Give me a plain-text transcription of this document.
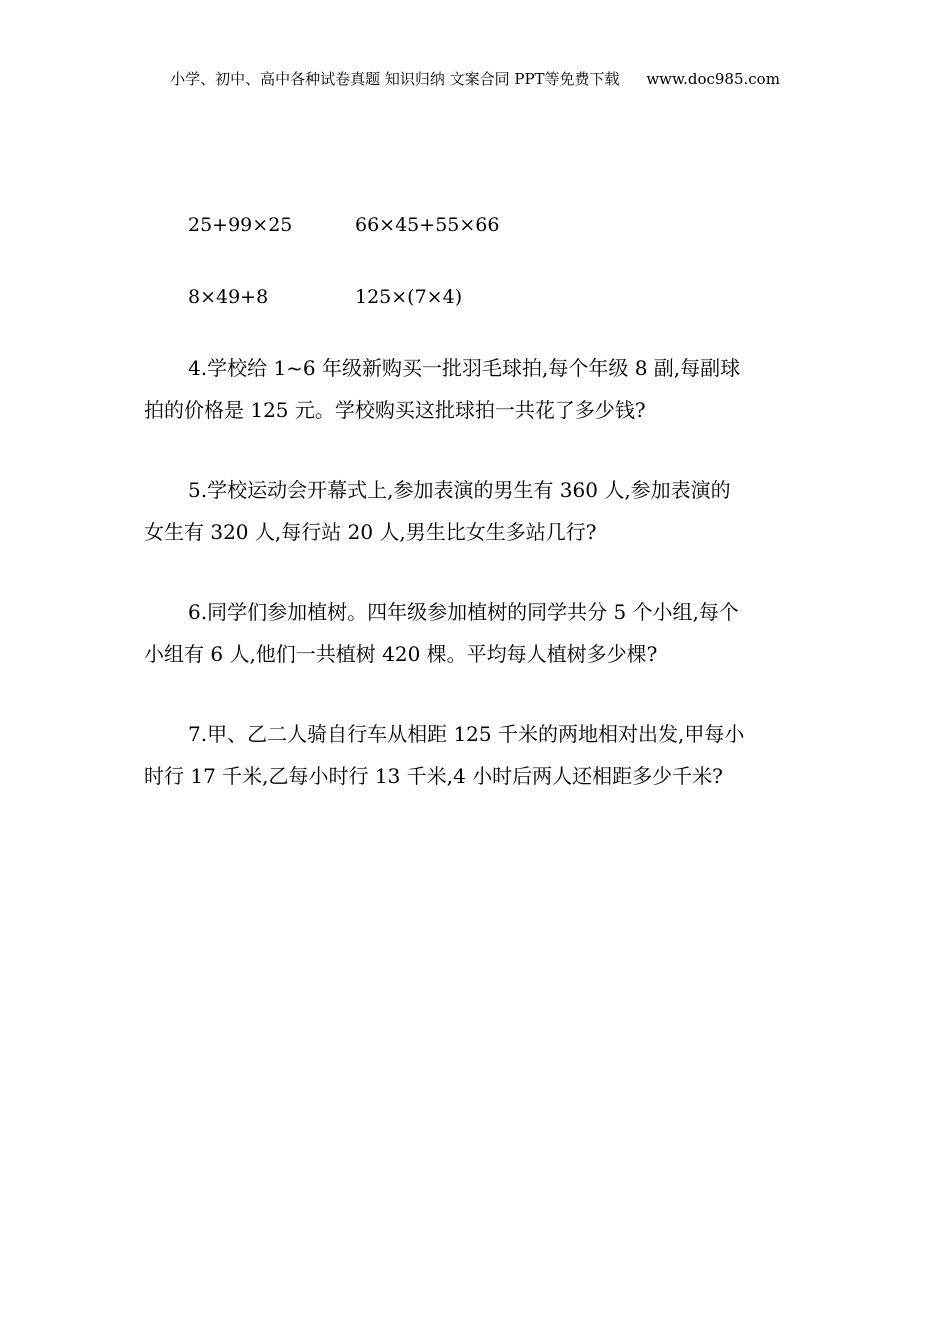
小学、初中、高中各种试卷真题 知识归纳 文案合同 PPT等免费下载 www.doc985.com
25+99×25	66×45+55×66
8×49+8	125×(7×4)
4.学校给 1~6 年级新购买一批羽毛球拍,每个年级 8 副,每副球
拍的价格是 125 元。学校购买这批球拍一共花了多少钱?
5.学校运动会开幕式上,参加表演的男生有 360 人,参加表演的
女生有 320 人,每行站 20 人,男生比女生多站几行?
6.同学们参加植树。四年级参加植树的同学共分 5 个小组,每个
小组有 6 人,他们一共植树 420 棵。平均每人植树多少棵?
7.甲、乙二人骑自行车从相距 125 千米的两地相对出发,甲每小
时行 17 千米,乙每小时行 13 千米,4 小时后两人还相距多少千米?
